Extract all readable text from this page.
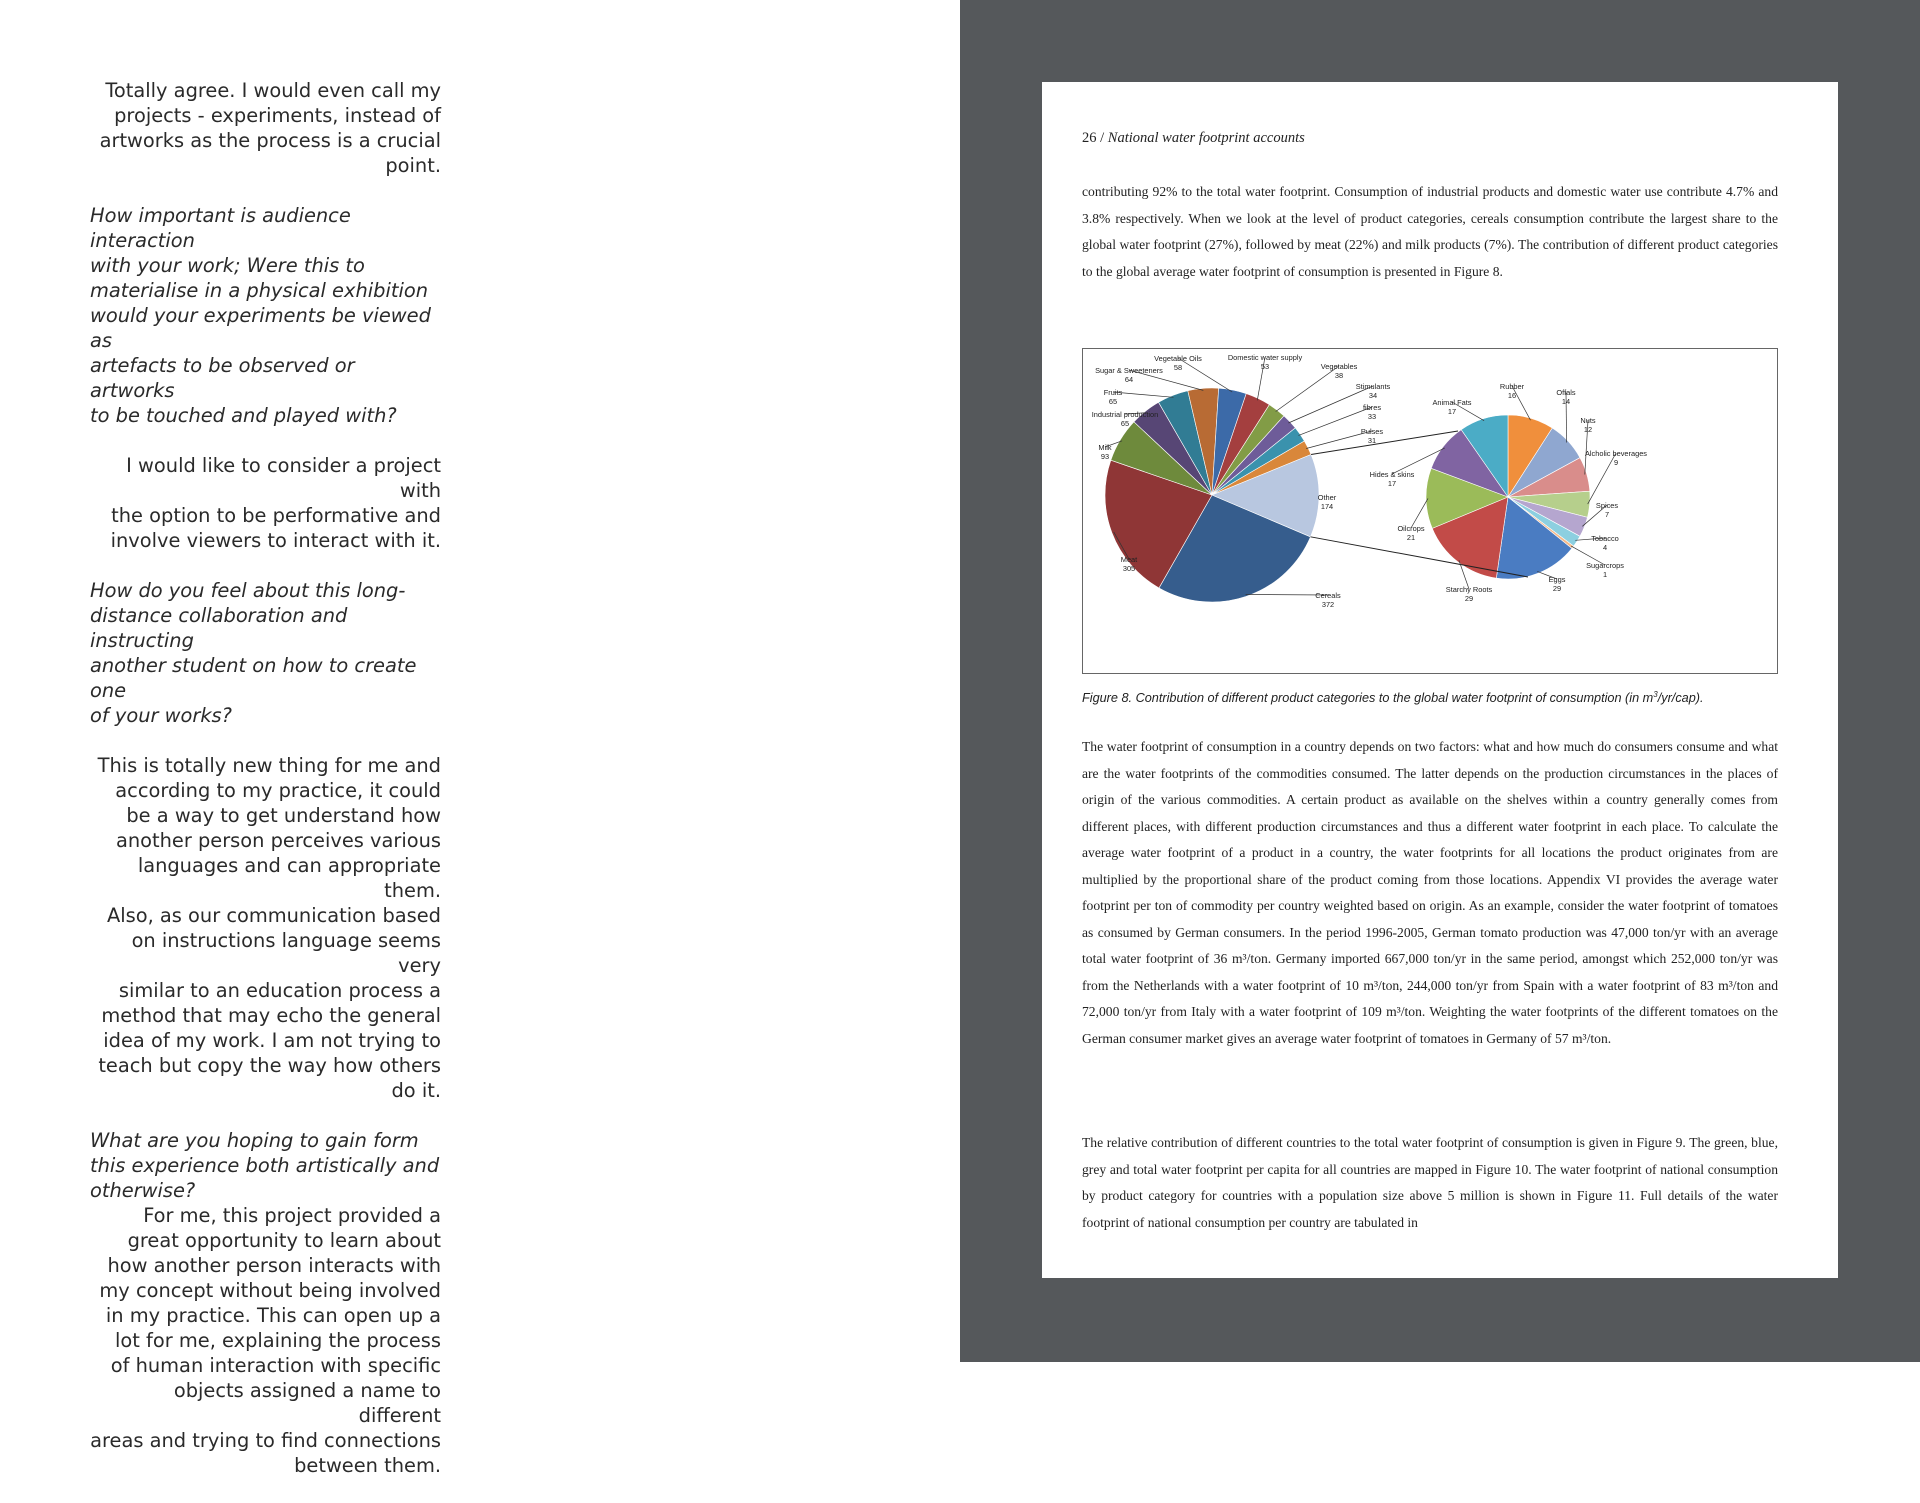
Totally agree. I would even call my
projects - experiments, instead of
artworks as the process is a crucial
point.
How important is audience interaction
with your work; Were this to
materialise in a physical exhibition
would your experiments be viewed as
artefacts to be observed or artworks
to be touched and played with?
I would like to consider a project with
the option to be performative and
involve viewers to interact with it.
How do you feel about this long-
distance collaboration and instructing
another student on how to create one
of your works?
This is totally new thing for me and
according to my practice, it could
be a way to get understand how
another person perceives various
languages and can appropriate them.
Also, as our communication based
on instructions language seems very
similar to an education process a
method that may echo the general
idea of my work. I am not trying to
teach but copy the way how others
do it.
What are you hoping to gain form
this experience both artistically and
otherwise?
For me, this project provided a
great opportunity to learn about
how another person interacts with
my concept without being involved
in my practice. This can open up a
lot for me, explaining the process
of human interaction with specific
objects assigned a name to different
areas and trying to find connections
between them.
26 / National water footprint accounts
contributing 92% to the total water footprint. Consumption of industrial products and domestic water use contribute 4.7% and 3.8% respectively. When we look at the level of product categories, cereals consumption contribute the largest share to the global water footprint (27%), followed by meat (22%) and milk products (7%). The contribution of different product categories to the global average water footprint of consumption is presented in Figure 8.
Cereals
372
Meat
305
Milk
93
Industrial production
65
Fruits
65
Sugar & Sweeteners
64
Vegetable Oils
58
Domestic water supply
53	Vegetables
38
Stimulants
34
fibres
33
Pulses
31
Other
174
Rubber
16	Offals
14
Nuts
12
Alcholic beverages
9
Spices
7
Tobacco
4
Sugarcrops
1
Eggs
29
Starchy Roots
29
Oilcrops
21
Hides & skins
17
Animal Fats
17
Figure 8. Contribution of different product categories to the global water footprint of consumption (in $m^3/yr/cap$).
The water footprint of consumption in a country depends on two factors: what and how much do consumers consume and what are the water footprints of the commodities consumed. The latter depends on the production circumstances in the places of origin of the various commodities. A certain product as available on the shelves within a country generally comes from different places, with different production circumstances and thus a different water footprint in each place. To calculate the average water footprint of a product in a country, the water footprints for all locations the product originates from are multiplied by the proportional share of the product coming from those locations. Appendix VI provides the average water footprint per ton of commodity per country weighted based on origin. As an example, consider the water footprint of tomatoes as consumed by German consumers. In the period 1996-2005, German tomato production was 47,000 ton/yr with an average total water footprint of 36 m³/ton. Germany imported 667,000 ton/yr in the same period, amongst which 252,000 ton/yr was from the Netherlands with a water footprint of 10 m³/ton, 244,000 ton/yr from Spain with a water footprint of 83 m³/ton and 72,000 ton/yr from Italy with a water footprint of 109 m³/ton. Weighting the water footprints of the different tomatoes on the German consumer market gives an average water footprint of tomatoes in Germany of 57 m³/ton.
The relative contribution of different countries to the total water footprint of consumption is given in Figure 9. The green, blue, grey and total water footprint per capita for all countries are mapped in Figure 10. The water footprint of national consumption by product category for countries with a population size above 5 million is shown in Figure 11. Full details of the water footprint of national consumption per country are tabulated in
